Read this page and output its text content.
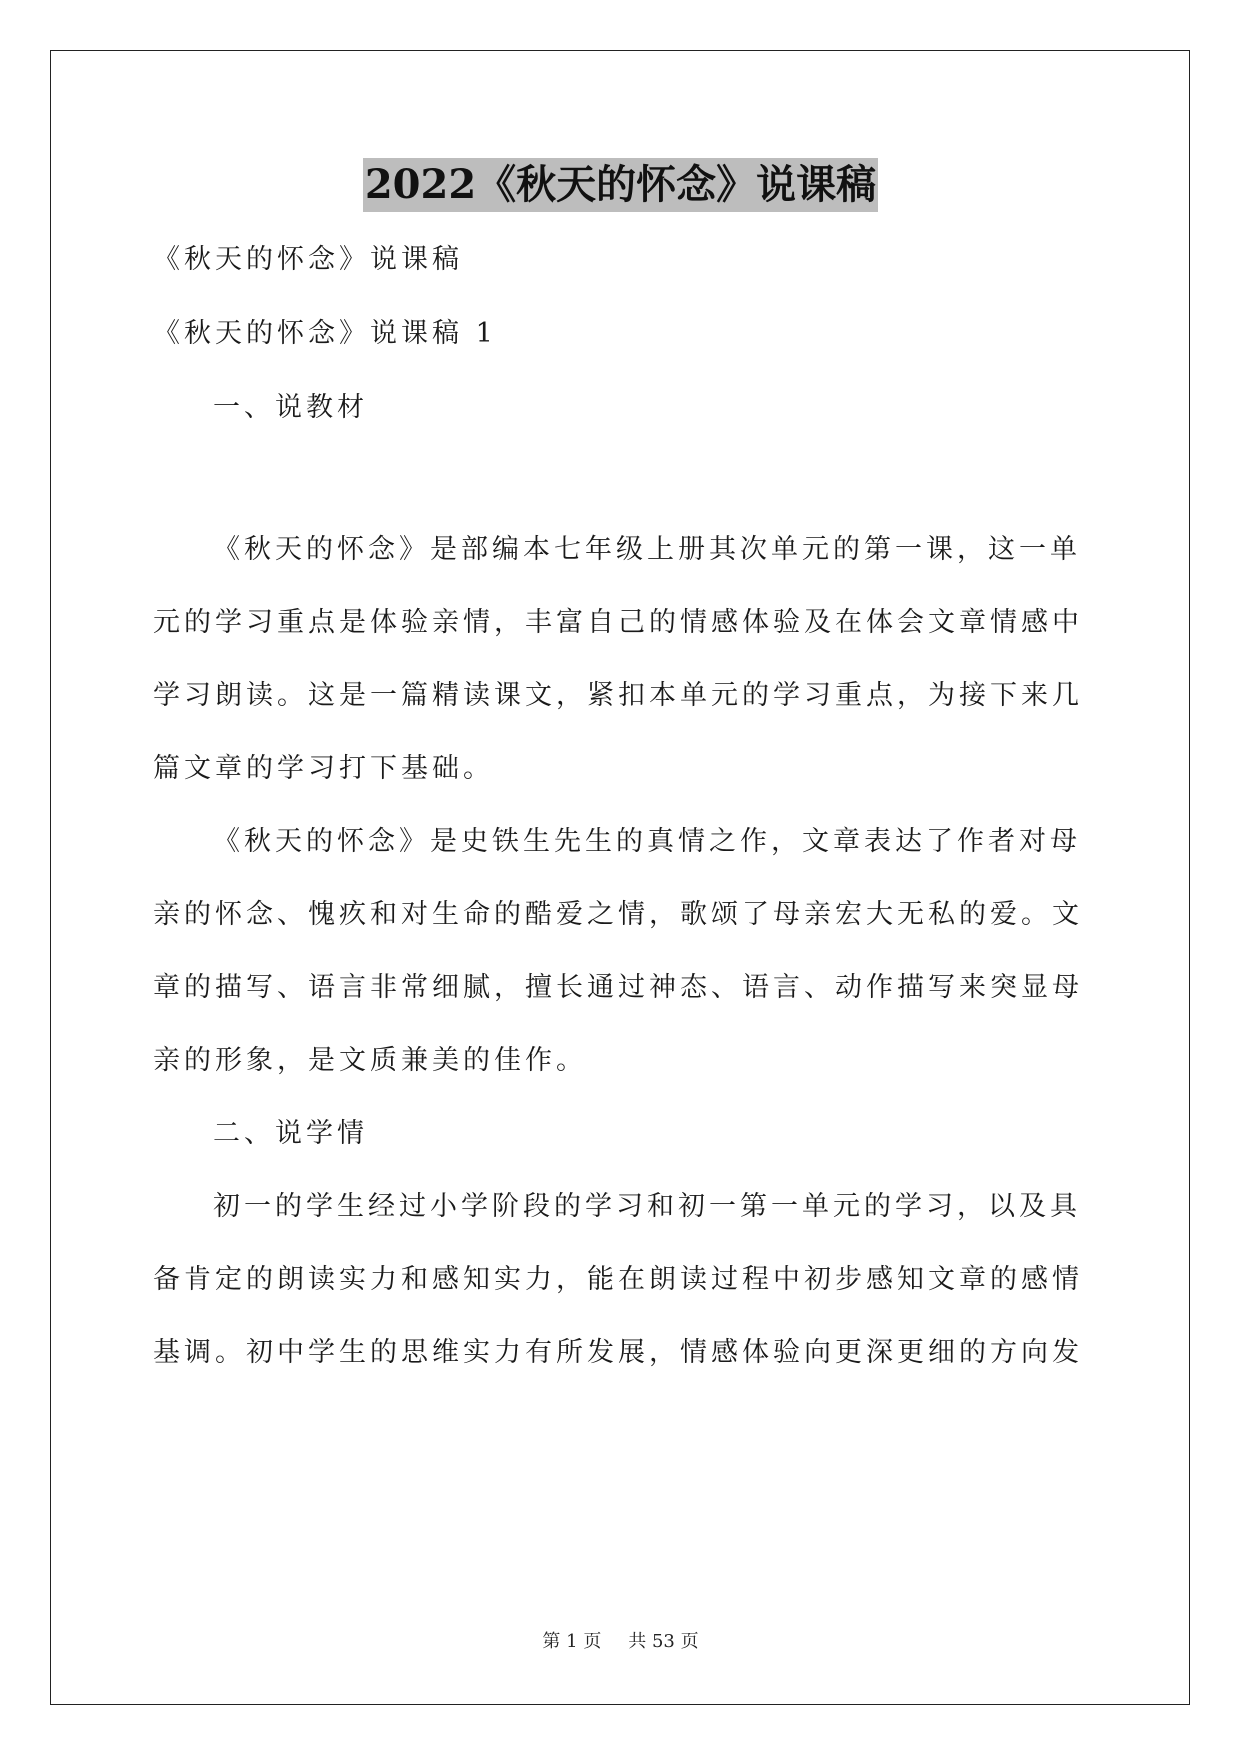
2022《秋天的怀念》说课稿
《秋天的怀念》说课稿
《秋天的怀念》说课稿 1
一、说教材
《秋天的怀念》是部编本七年级上册其次单元的第一课，这一单
元的学习重点是体验亲情，丰富自己的情感体验及在体会文章情感中
学习朗读。这是一篇精读课文，紧扣本单元的学习重点，为接下来几
篇文章的学习打下基础。
《秋天的怀念》是史铁生先生的真情之作，文章表达了作者对母
亲的怀念、愧疚和对生命的酷爱之情，歌颂了母亲宏大无私的爱。文
章的描写、语言非常细腻，擅长通过神态、语言、动作描写来突显母
亲的形象，是文质兼美的佳作。
二、说学情
初一的学生经过小学阶段的学习和初一第一单元的学习，以及具
备肯定的朗读实力和感知实力，能在朗读过程中初步感知文章的感情
基调。初中学生的思维实力有所发展，情感体验向更深更细的方向发
第 1 页 共 53 页
